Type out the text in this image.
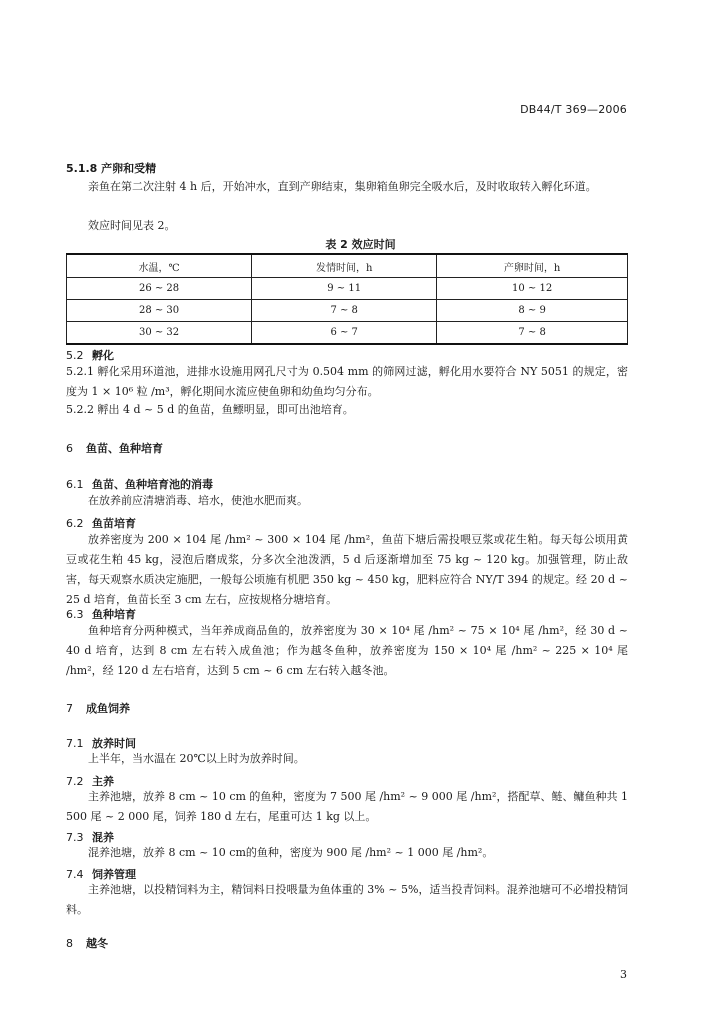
DB44/T 369—2006
5.1.8 产卵和受精
亲鱼在第二次注射 4 h 后，开始冲水，直到产卵结束，集卵箱鱼卵完全吸水后，及时收取转入孵化环道。
效应时间见表 2。
表 2 效应时间
水温，℃	发情时间，h	产卵时间，h
26 ~ 28	9 ~ 11	10 ~ 12
28 ~ 30	7 ~ 8	8 ~ 9
30 ~ 32	6 ~ 7	7 ~ 8
5.2 孵化
5.2.1 孵化采用环道池，进排水设施用网孔尺寸为 0.504 mm 的筛网过滤，孵化用水要符合 NY 5051 的规定，密度为 1 × 10⁶ 粒 /m³，孵化期间水流应使鱼卵和幼鱼均匀分布。
5.2.2 孵出 4 d ~ 5 d 的鱼苗，鱼鳔明显，即可出池培育。
6 鱼苗、鱼种培育
6.1 鱼苗、鱼种培育池的消毒
在放养前应清塘消毒、培水，使池水肥而爽。
6.2 鱼苗培育
放养密度为 200 × 104 尾 /hm² ~ 300 × 104 尾 /hm²，鱼苗下塘后需投喂豆浆或花生粕。每天每公顷用黄豆或花生粕 45 kg，浸泡后磨成浆，分多次全池泼洒，5 d 后逐渐增加至 75 kg ~ 120 kg。加强管理，防止敌害，每天观察水质决定施肥，一般每公顷施有机肥 350 kg ~ 450 kg，肥料应符合 NY/T 394 的规定。经 20 d ~ 25 d 培育，鱼苗长至 3 cm 左右，应按规格分塘培育。
6.3 鱼种培育
鱼种培育分两种模式，当年养成商品鱼的，放养密度为 30 × 10⁴ 尾 /hm² ~ 75 × 10⁴ 尾 /hm²，经 30 d ~ 40 d 培育，达到 8 cm 左右转入成鱼池；作为越冬鱼种，放养密度为 150 × 10⁴ 尾 /hm² ~ 225 × 10⁴ 尾 /hm²，经 120 d 左右培育，达到 5 cm ~ 6 cm 左右转入越冬池。
7 成鱼饲养
7.1 放养时间
上半年，当水温在 20℃以上时为放养时间。
7.2 主养
主养池塘，放养 8 cm ~ 10 cm 的鱼种，密度为 7 500 尾 /hm² ~ 9 000 尾 /hm²，搭配草、鲢、鳙鱼种共 1 500 尾 ~ 2 000 尾，饲养 180 d 左右，尾重可达 1 kg 以上。
7.3 混养
混养池塘，放养 8 cm ~ 10 cm的鱼种，密度为 900 尾 /hm² ~ 1 000 尾 /hm²。
7.4 饲养管理
主养池塘，以投精饲料为主，精饲料日投喂量为鱼体重的 3% ~ 5%，适当投青饲料。混养池塘可不必增投精饲料。
8 越冬
3
